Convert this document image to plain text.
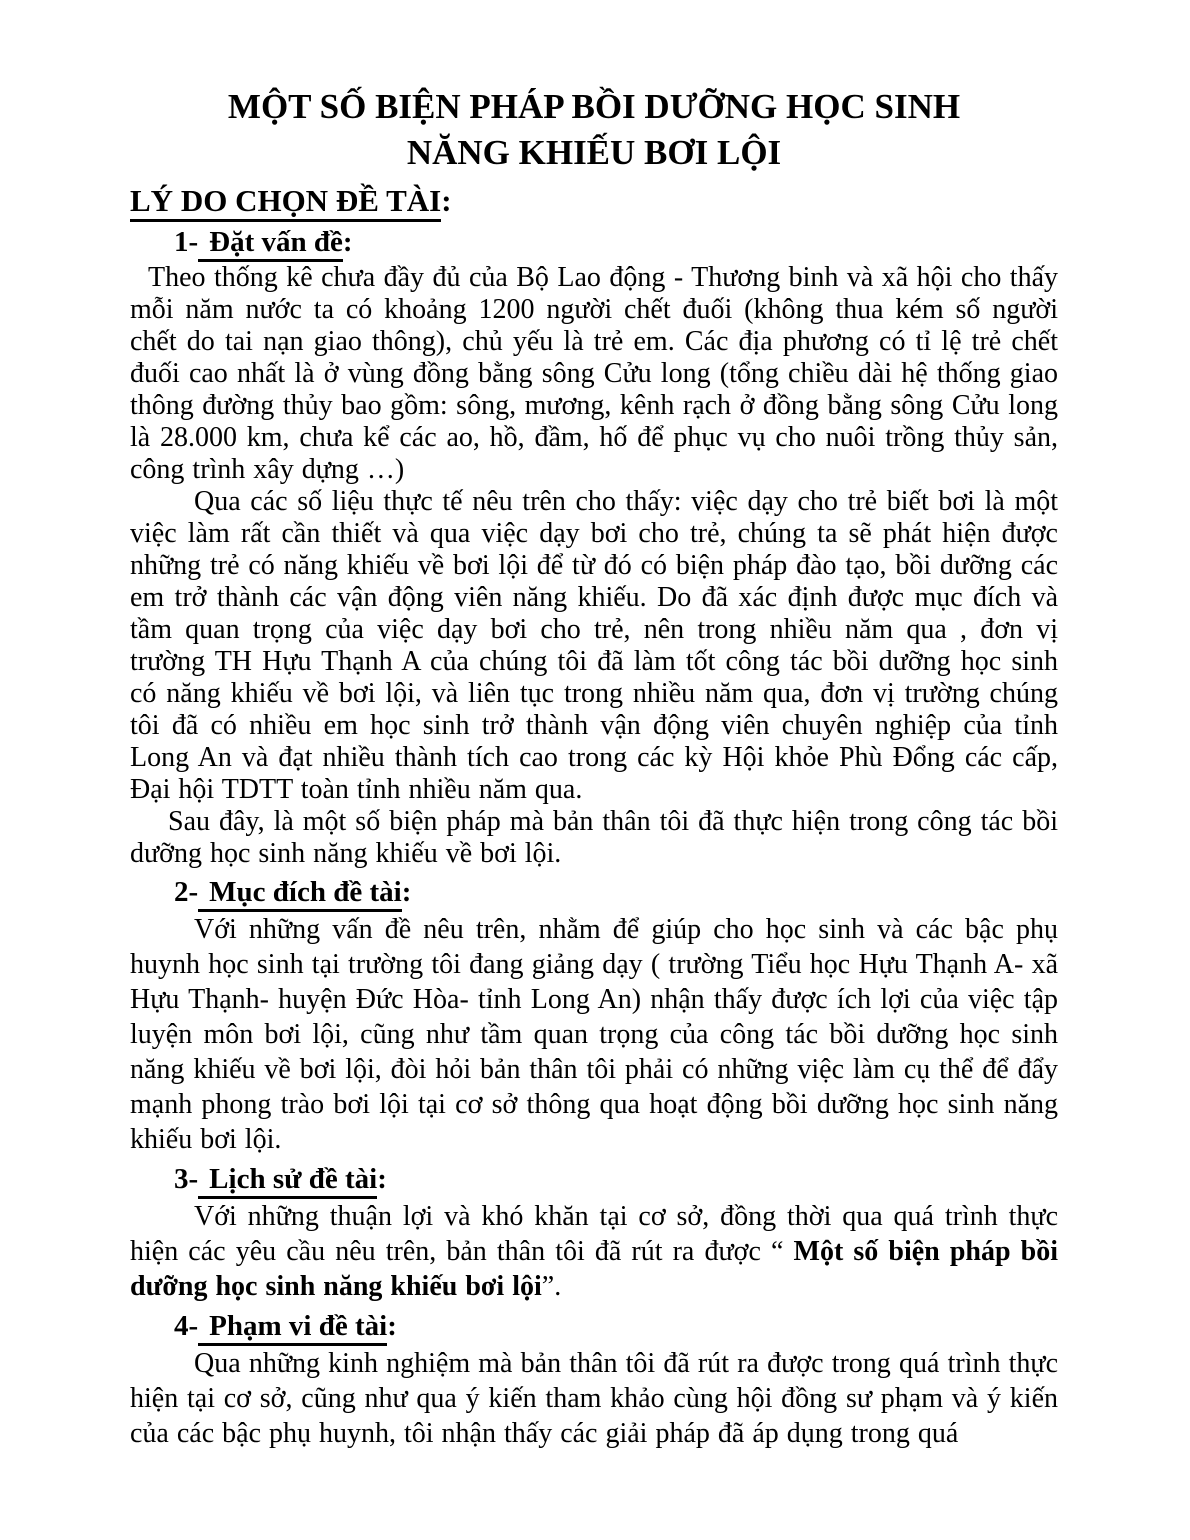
MỘT SỐ BIỆN PHÁP BỒI DƯỠNG HỌC SINH
NĂNG KHIẾU BƠI LỘI
LÝ DO CHỌN ĐỀ TÀI:
1- Đặt vấn đề:

Theo thống kê chưa đầy đủ của Bộ Lao động - Thương binh và xã hội cho thấy mỗi năm nước ta có khoảng 1200 người chết đuối (không thua kém số người chết do tai nạn giao thông), chủ yếu là trẻ em. Các địa phương có tỉ lệ trẻ chết đuối cao nhất là ở vùng đồng bằng sông Cửu long (tổng chiều dài hệ thống giao thông đường thủy bao gồm: sông, mương, kênh rạch ở đồng bằng sông Cửu long là 28.000 km, chưa kể các ao, hồ, đầm, hố để phục vụ cho nuôi trồng thủy sản, công trình xây dựng …)

Qua các số liệu thực tế nêu trên cho thấy: việc dạy cho trẻ biết bơi là một việc làm rất cần thiết và qua việc dạy bơi cho trẻ, chúng ta sẽ phát hiện được những trẻ có năng khiếu về bơi lội để từ đó có biện pháp đào tạo, bồi dưỡng các em trở thành các vận động viên năng khiếu. Do đã xác định được mục đích và tầm quan trọng của việc dạy bơi cho trẻ, nên trong nhiều năm qua , đơn vị trường TH Hựu Thạnh A của chúng tôi đã làm tốt công tác bồi dưỡng học sinh có năng khiếu về bơi lội, và liên tục trong nhiều năm qua, đơn vị trường chúng tôi đã có nhiều em học sinh trở thành vận động viên chuyên nghiệp của tỉnh Long An và đạt nhiều thành tích cao trong các kỳ Hội khỏe Phù Đổng các cấp, Đại hội TDTT toàn tỉnh nhiều năm qua.

Sau đây, là một số biện pháp mà bản thân tôi đã thực hiện trong công tác bồi dưỡng học sinh năng khiếu về bơi lội.

2- Mục đích đề tài:

Với những vấn đề nêu trên, nhằm để giúp cho học sinh và các bậc phụ huynh học sinh tại trường tôi đang giảng dạy ( trường Tiểu học Hựu Thạnh A- xã Hựu Thạnh- huyện Đức Hòa- tỉnh Long An) nhận thấy được ích lợi của việc tập luyện môn bơi lội, cũng như tầm quan trọng của công tác bồi dưỡng học sinh năng khiếu về bơi lội, đòi hỏi bản thân tôi phải có những việc làm cụ thể để đẩy mạnh phong trào bơi lội tại cơ sở thông qua hoạt động bồi dưỡng học sinh năng khiếu bơi lội.

3- Lịch sử đề tài:

Với những thuận lợi và khó khăn tại cơ sở, đồng thời qua quá trình thực hiện các yêu cầu nêu trên, bản thân tôi đã rút ra được “ Một số biện pháp bồi dưỡng học sinh năng khiếu bơi lội”.

4- Phạm vi đề tài:

Qua những kinh nghiệm mà bản thân tôi đã rút ra được trong quá trình thực hiện tại cơ sở, cũng như qua ý kiến tham khảo cùng hội đồng sư phạm và ý kiến của các bậc phụ huynh, tôi nhận thấy các giải pháp đã áp dụng trong quá
